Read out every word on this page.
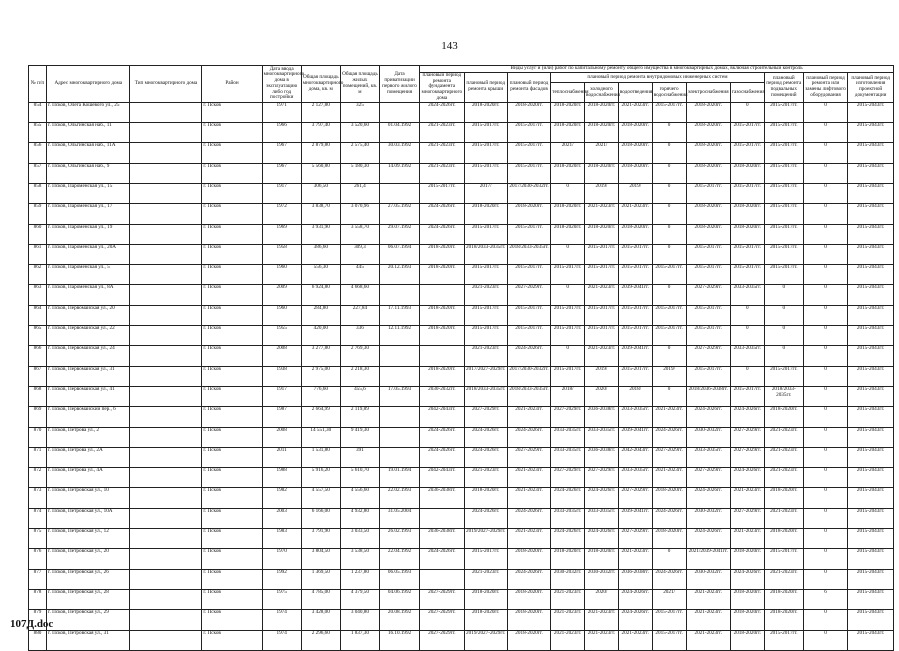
143
№ п/п	Адрес многоквартирного дома	Тип многоквартирного дома	Район	Дата ввода многоквартирного дома в эксплуатацию либо год постройки	Общая площадь многоквартирного дома, кв. м	Общая площадь жилых помещений, кв. м	Дата приватизации первого жилого помещения	Виды услуг и (или) работ по капитальному ремонту общего имущества в многоквартирных домах, включая строительный контроль											
								плановый период ремонта фундамента многоквартирного дома	плановый период ремонта крыши	плановый период ремонта фасадов	плановый период ремонта внутридомовых инженерных систем						плановый период ремонта подвальных помещений	плановый период ремонта или замены лифтового оборудования	плановый период изготовления проектной документации
											теплоснабжения	холодного водоснабжения	водоотведения	горячего водоснабжения	электроснабжения	газоснабжения			
854	г. Псков, Олега Кошевого ул., 25		г. Псков	1971	2 127,80	325		2024-2026гг.	2018-2020гг.	2018-2020гг.	2018-2020гг.	2018-2020гг.	2021-2023гг.	2015-2017гг.	2018-2020гг.	0	2015-2017гг.	0	2015-2043гг.
855	г. Псков, Ольгинская наб., 11		г. Псков	1966	3 797,40	3 520,60	01.04.1992	2021-2023гг.	2015-2017гг.	2015-2017гг.	2018-2020гг.	2018-2020гг.	2018-2020гг.	0	2018-2020гг.	2015-2017гг.	2015-2017гг.	0	2015-2043гг.
856	г. Псков, Ольгинская наб., 11А		г. Псков	1967	2 879,80	2 575,40	30.03.1992	2021-2023гг.	2015-2017гг.	2015-2017гг.	2021/	2021/	2018-2020гг.	0	2018-2020гг.	2015-2017гг.	2015-2017гг.	0	2015-2043гг.
857	г. Псков, Ольгинская наб., 9		г. Псков	1967	5 560,80	5 180,30	14.09.1992	2021-2023гг.	2015-2017гг.	2015-2017гг.	2018-2020гг.	2018-2020гг.	2018-2020гг.	0	2018-2020гг.	2018-2020гг.	2015-2017гг.	0	2015-2043гг.
858	г. Псков, Пароменская ул., 15		г. Псков	1917	306,50	261,4		2015-2017гг.	2017/	2017/2030-2032гг.	0	2019/	2019/	0	2015-2017гг.	2015-2017гг.	2015-2017гг.	0	2015-2043гг.
859	г. Псков, Пароменская ул., 17		г. Псков	1972	3 838,70	3 070,96	27.05.1992	2024-2026гг.	2018-2020гг.	2018-2020гг.	2018-2020гг.	2021-2023гг.	2021-2023гг.	0	2018-2020гг.	2018-2020гг.	2015-2017гг.	0	2015-2043гг.
860	г. Псков, Пароменская ул., 19		г. Псков	1969	3 931,90	3 558,70	29.07.1992	2024-2026гг.	2015-2017гг.	2015-2017гг.	2018-2020гг.	2018-2020гг.	2018-2020гг.	0	2018-2020гг.	2018-2020гг.	2015-2017гг.	0	2015-2043гг.
861	г. Псков, Пароменская ул., 20А		г. Псков	1958	386,60	309,3	06.07.1994	2018-2020гг.	2018/2033-2035гг.	2018/2033-2035гг.	0	2015-2017гг.	2015-2017гг.	0	2015-2017гг.	2015-2017гг.	2015-2017гг.	0	2015-2043гг.
862	г. Псков, Пароменская ул., 5		г. Псков	1960	556,30	445	20.12.1993	2018-2020гг.	2015-2017гг.	2015-2017гг.	2015-2017гг.	2015-2017гг.	2015-2017гг.	2015-2017гг.	2015-2017гг.	2015-2017гг.	2015-2017гг.	0	2015-2043гг.
863	г. Псков, Пароменская ул., 8А		г. Псков	2009	6 924,80	4 668,60			2021-2023гг.	2027-2029гг.	0	2021-2023гг.	2039-2041гг.	0	2027-2029гг.	2033-2035гг.	0	0	2015-2043гг.
864	г. Псков, Первомайская ул., 20		г. Псков	1960	284,80	227,84	17.11.1993	2018-2020гг.	2015-2017гг.	2015-2017гг.	2015-2017гг.	2015-2017гг.	2015-2017гг.	2015-2017гг.	2015-2017гг.	0	0	0	2015-2043гг.
865	г. Псков, Первомайская ул., 22		г. Псков	1955	420,00	336	12.11.1992	2018-2020гг.	2015-2017гг.	2015-2017гг.	2015-2017гг.	2015-2017гг.	2015-2017гг.	2015-2017гг.	2015-2017гг.	0	0	0	2015-2043гг.
866	г. Псков, Первомайская ул., 24		г. Псков	2008	3 277,80	2 769,30			2021-2023гг.	2024-2026гг.	0	2021-2023гг.	2039-2041гг.	0	2027-2029гг.	2033-2035гг.	0	0	2015-2043гг.
867	г. Псков, Первомайская ул., 31		г. Псков	1938	2 975,00	2 218,30		2018-2020гг.	2017/2027-2029гг.	2017/2030-2032гг.	2015-2017гг.	2019/	2015-2017гг.	2019/	2015-2017гг.	0	2015-2017гг.	0	2015-2043гг.
868	г. Псков, Первомайская ул., 41		г. Псков	1917	776,60	455,6	17.05.1993	2030-2032гг.	2018/2033-2035гг.	2018/2033-2035гг.	2018/	2020/	2018/	0	2018/2036-2038гг.	2015-2017гг.	2018/2033-2035гг.	0	2015-2043гг.
869	г. Псков, Первомайский пер., 6		г. Псков	1987	2 664,99	2 119,89		2042-2043гг.	2027-2029гг.	2021-2023гг.	2027-2029гг.	2036-2038гг.	2033-2035гг.	2021-2023гг.	2024-2026гг.	2024-2026гг.	2018-2020гг.	0	2015-2043гг.
870	г. Псков, Петрова ул., 2		г. Псков	2008	14 551,30	9 419,30		2024-2026гг.	2024-2026гг.	2024-2026гг.	2033-2035гг.	2033-2035гг.	2039-2041гг.	2024-2026гг.	2030-2032гг.	2027-2029гг.	2021-2023гг.	0	2015-2043гг.
871	г. Псков, Петрова ул., 2А		г. Псков	2011	1 531,80	391		2024-2026гг.	2024-2026гг.	2027-2029гг.	2033-2035гг.	2036-2038гг.	2042-2043гг.	2027-2029гг.	2033-2035гг.	2027-2029гг.	2021-2023гг.	0	2015-2043гг.
872	г. Псков, Петрова ул., 4А		г. Псков	1988	5 916,20	5 610,70	19.01.1994	2042-2043гг.	2021-2023гг.	2021-2023гг.	2027-2029гг.	2027-2029гг.	2033-2035гг.	2021-2023гг.	2027-2029гг.	2024-2026гг.	2021-2023гг.	0	2015-2043гг.
873	г. Псков, Петровская ул., 10		г. Псков	1982	4 557,50	4 556,60	22.02.1993	2036-2038гг.	2018-2020гг.	2021-2023гг.	2024-2026гг.	2024-2026гг.	2027-2029гг.	2018-2020гг.	2024-2026гг.	2021-2023гг.	2018-2020гг.	0	2015-2043гг.
874	г. Псков, Петровская ул., 10А		г. Псков	2003	6 166,00	4 932,80	31.05.2004		2024-2026гг.	2024-2026гг.	2033-2035гг.	2033-2035гг.	2039-2041гг.	2024-2026гг.	2030-2032гг.	2027-2029гг.	2021-2023гг.	0	2015-2043гг.
875	г. Псков, Петровская ул., 12		г. Псков	1983	3 791,90	3 033,50	26.02.1993	2036-2038гг.	2019/2027-2029гг.	2021-2023гг.	2024-2026гг.	2024-2026гг.	2027-2029гг.	2018-2020гг.	2024-2026гг.	2021-2023гг.	2018-2020гг.	0	2015-2043гг.
876	г. Псков, Петровская ул., 20		г. Псков	1970	3 804,50	3 538,50	22.04.1992	2024-2026гг.	2015-2017гг.	2018-2020гг.	2018-2020гг.	2018-2020гг.	2021-2023гг.	0	2021/2039-2041гг.	2018-2020гг.	2015-2017гг.	0	2015-2043гг.
877	г. Псков, Петровская ул., 26		г. Псков	1992	1 369,50	1 237,80	06.05.1993		2021-2023гг.	2024-2026гг.	2030-2032гг.	2030-2032гг.	2036-2038гг.	2024-2026гг.	2030-2032гг.	2024-2026гг.	2021-2023гг.	0	2015-2043гг.
878	г. Псков, Петровская ул., 28		г. Псков	1975	4 785,00	4 379,50	04.06.1992	2027-2029гг.	2018-2020гг.	2018-2020гг.	2021-2023гг.	2020/	2024-2026гг.	2021/	2021-2023гг.	2018-2020гг.	2018-2020гг.	6	2015-2043гг.
879	г. Псков, Петровская ул., 29		г. Псков	1974	3 428,00	3 040,80	20.08.1992	2027-2029гг.	2018-2020гг.	2018-2020гг.	2021-2023гг.	2021-2023гг.	2024-2026гг.	2015-2017гг.	2021-2023гг.	2018-2020гг.	2018-2020гг.	0	2015-2043гг.
880	г. Псков, Петровская ул., 31		г. Псков	1974	2 296,60	1 837,30	16.10.1992	2027-2029гг.	2019/2027-2029гг.	2018-2020гг.	2021-2023гг.	2021-2023гг.	2021-2023гг.	2015-2017гг.	2021-2023гг.	2018-2020гг.	2015-2017гг.	0	2015-2043гг.
107Д.doc
